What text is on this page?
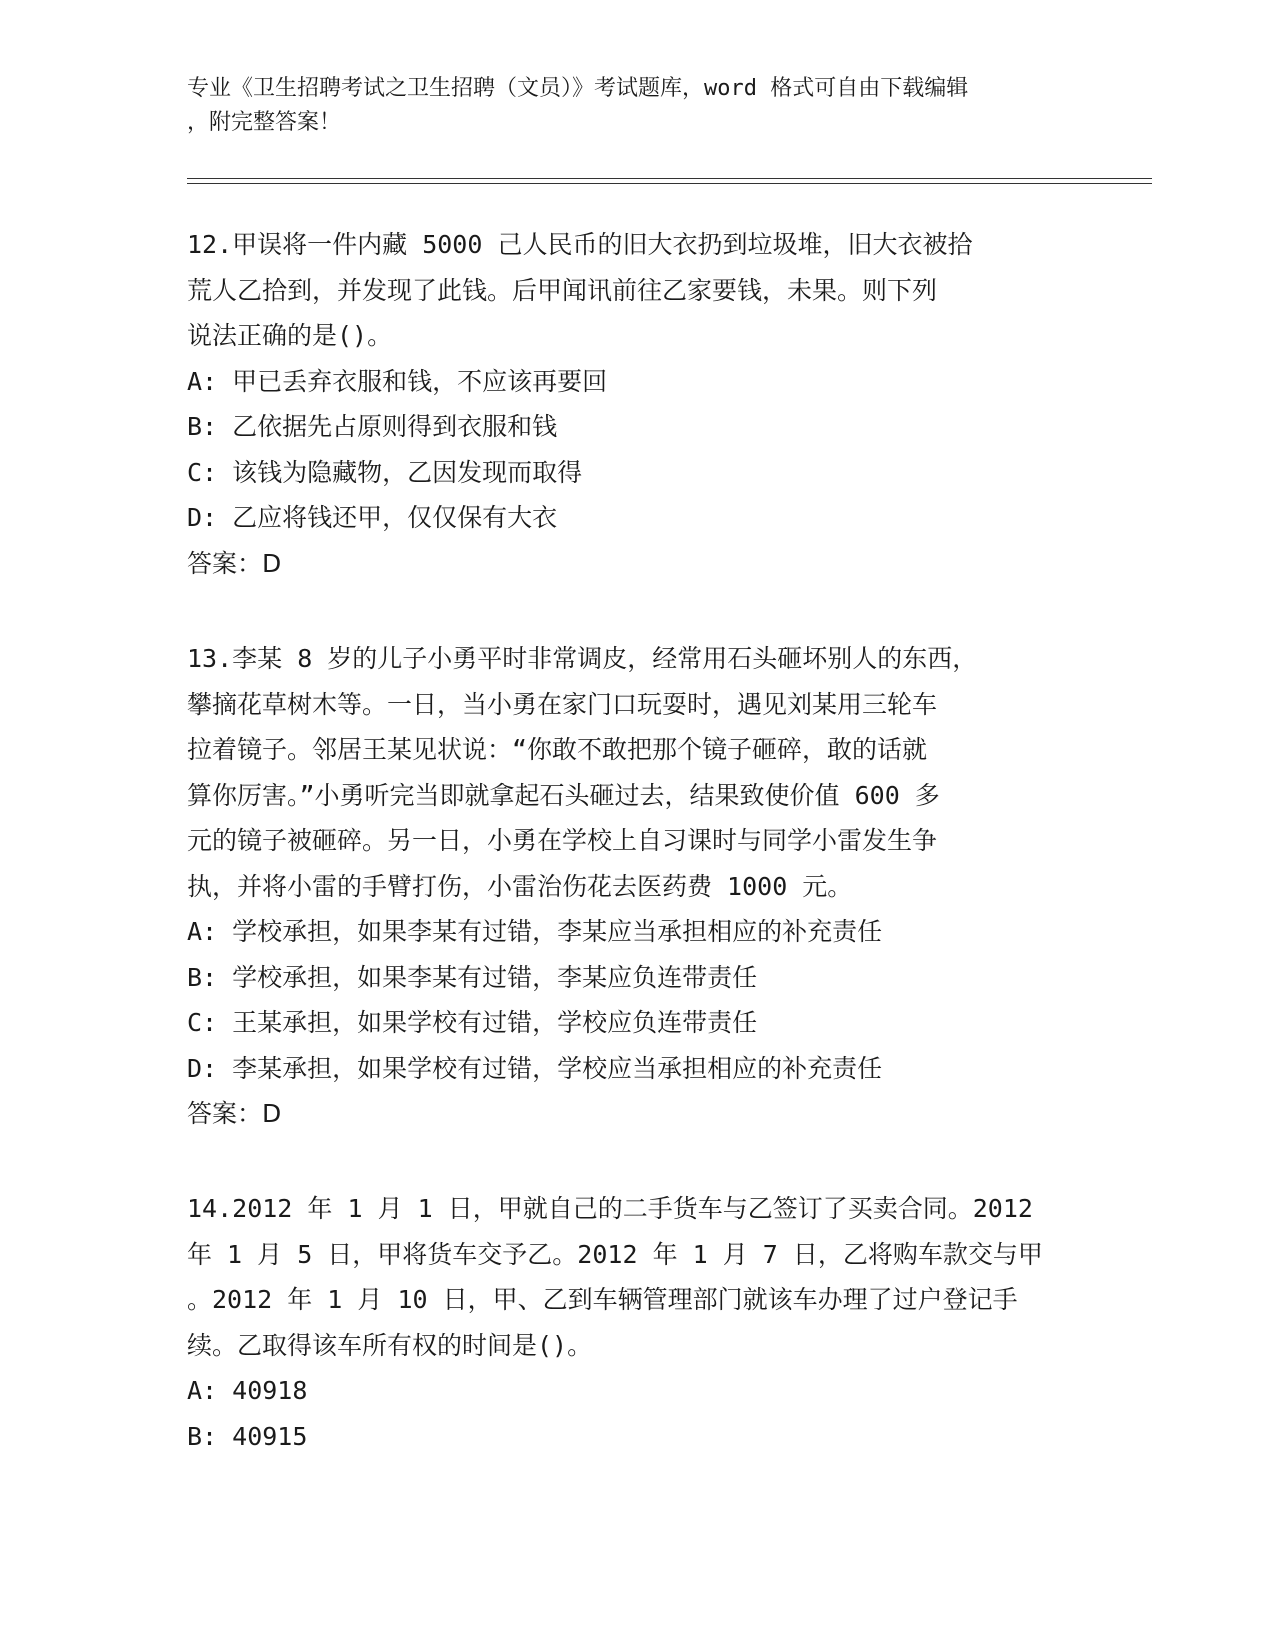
专业《卫生招聘考试之卫生招聘（文员）》考试题库，word 格式可自由下载编辑

，附完整答案！

12.甲误将一件内藏 5000 己人民币的旧大衣扔到垃圾堆，旧大衣被拾

荒人乙拾到，并发现了此钱。后甲闻讯前往乙家要钱，未果。则下列

说法正确的是()。

A: 甲已丢弃衣服和钱，不应该再要回

B: 乙依据先占原则得到衣服和钱

C: 该钱为隐藏物，乙因发现而取得

D: 乙应将钱还甲，仅仅保有大衣

答案：D

13.李某 8 岁的儿子小勇平时非常调皮，经常用石头砸坏别人的东西，

攀摘花草树木等。一日，当小勇在家门口玩耍时，遇见刘某用三轮车

拉着镜子。邻居王某见状说：“你敢不敢把那个镜子砸碎，敢的话就

算你厉害。”小勇听完当即就拿起石头砸过去，结果致使价值 600 多

元的镜子被砸碎。另一日，小勇在学校上自习课时与同学小雷发生争

执，并将小雷的手臂打伤，小雷治伤花去医药费 1000 元。

A: 学校承担，如果李某有过错，李某应当承担相应的补充责任

B: 学校承担，如果李某有过错，李某应负连带责任

C: 王某承担，如果学校有过错，学校应负连带责任

D: 李某承担，如果学校有过错，学校应当承担相应的补充责任

答案：D

14.2012 年 1 月 1 日，甲就自己的二手货车与乙签订了买卖合同。2012

年 1 月 5 日，甲将货车交予乙。2012 年 1 月 7 日，乙将购车款交与甲

。2012 年 1 月 10 日，甲、乙到车辆管理部门就该车办理了过户登记手

续。乙取得该车所有权的时间是()。

A: 40918

B: 40915
